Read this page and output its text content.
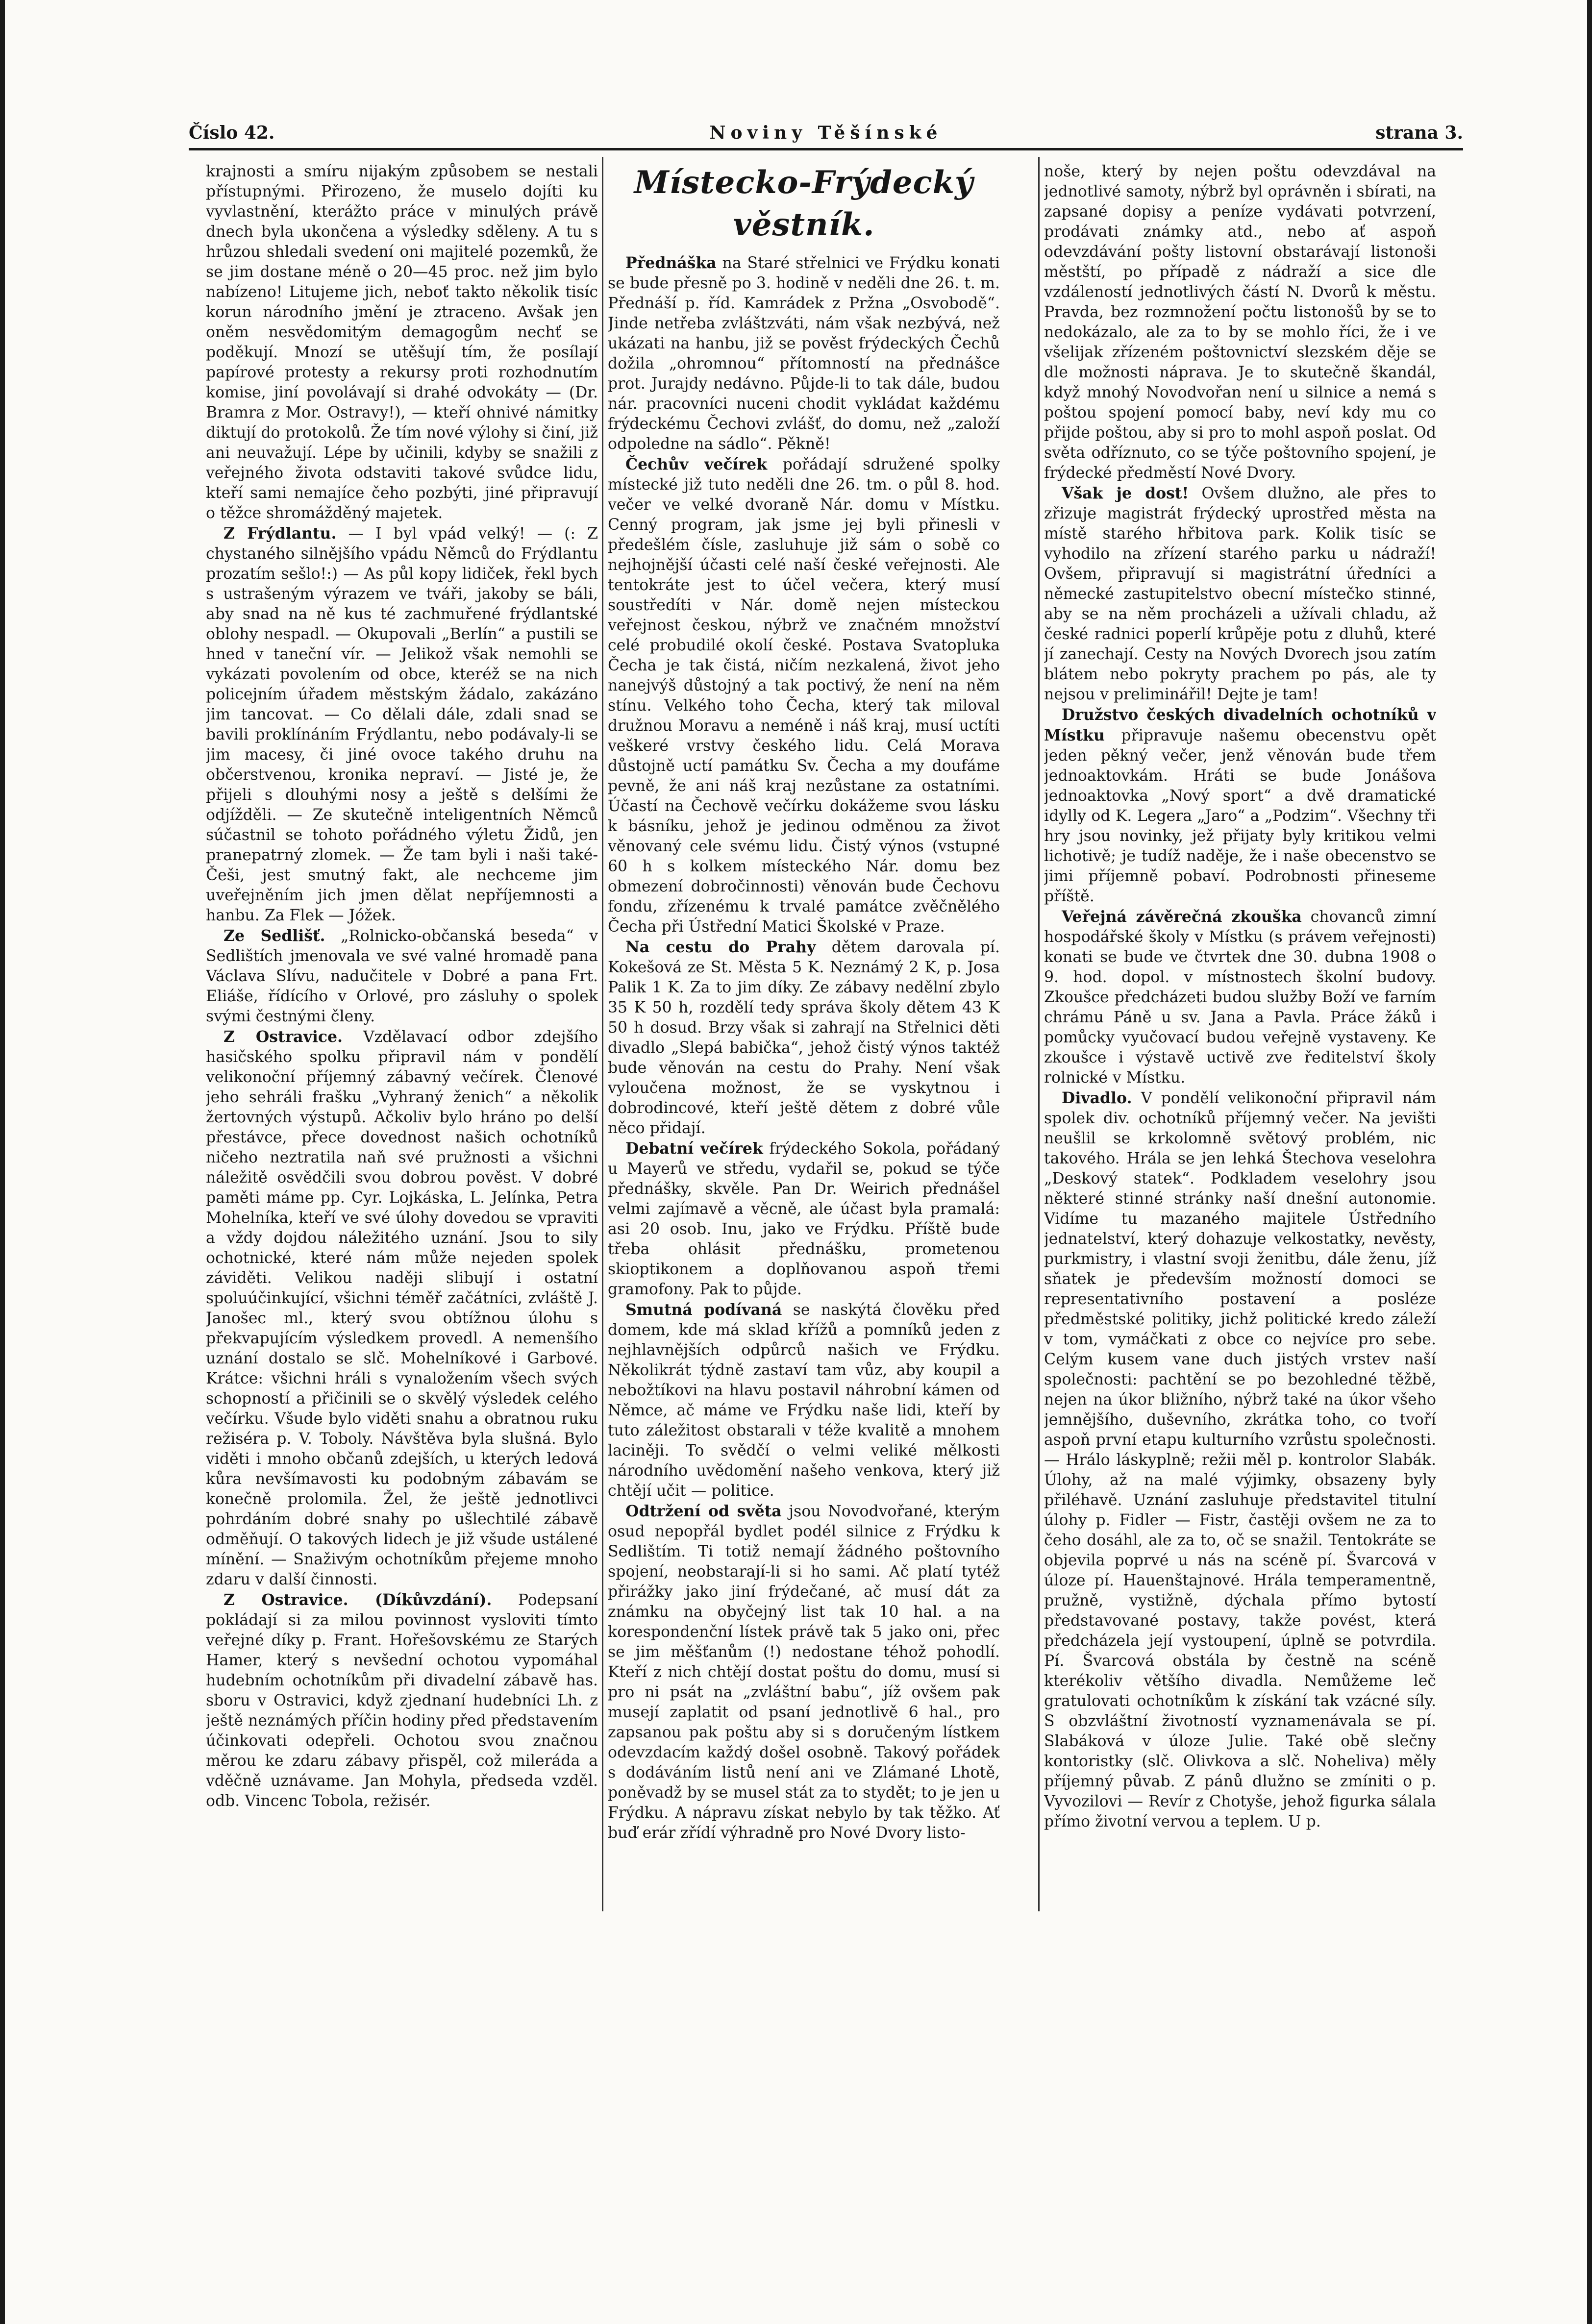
Číslo 42.	Noviny Těšínské	strana 3.

krajnosti a smíru nijakým způsobem se nestali přístupnými. Přirozeno, že muselo dojíti ku vyvlastnění, kterážto práce v minulých právě dnech byla ukončena a výsledky sděleny. A tu s hrůzou shledali svedení oni majitelé pozemků, že se jim dostane méně o 20—45 proc. než jim bylo nabízeno! Litujeme jich, neboť takto několik tisíc korun národního jmění je ztraceno. Avšak jen oněm nesvědomitým demagogům nechť se poděkují. Mnozí se utěšují tím, že posílají papírové protesty a rekursy proti rozhodnutím komise, jiní povolávají si drahé odvokáty — (Dr. Bramra z Mor. Ostravy!), — kteří ohnivé námitky diktují do protokolů. Že tím nové výlohy si činí, již ani neuvažují. Lépe by učinili, kdyby se snažili z veřejného života odstaviti takové svůdce lidu, kteří sami nemajíce čeho pozbýti, jiné připravují o těžce shromážděný majetek.

Z Frýdlantu. — I byl vpád velký! — (: Z chystaného silnějšího vpádu Němců do Frýdlantu prozatím sešlo!:) — As půl kopy lidiček, řekl bych s ustrašeným výrazem ve tváři, jakoby se báli, aby snad na ně kus té zachmuřené frýdlantské oblohy nespadl. — Okupovali „Berlín“ a pustili se hned v taneční vír. — Jelikož však nemohli se vykázati povolením od obce, kteréž se na nich policejním úřadem městským žádalo, zakázáno jim tancovat. — Co dělali dále, zdali snad se bavili proklínáním Frýdlantu, nebo podávaly-li se jim macesy, či jiné ovoce takého druhu na občerstvenou, kronika nepraví. — Jisté je, že přijeli s dlouhými nosy a ještě s delšími že odjížděli. — Ze skutečně inteligentních Němců súčastnil se tohoto pořádného výletu Židů, jen pranepatrný zlomek. — Že tam byli i naši také-Češi, jest smutný fakt, ale nechceme jim uveřejněním jich jmen dělat nepříjemnosti a hanbu. Za Flek — Jóžek.

Ze Sedlišť. „Rolnicko-občanská beseda“ v Sedlištích jmenovala ve své valné hromadě pana Václava Slívu, nadučitele v Dobré a pana Frt. Eliáše, řídícího v Orlové, pro zásluhy o spolek svými čestnými členy.

Z Ostravice. Vzdělavací odbor zdejšího hasičského spolku připravil nám v pondělí velikonoční příjemný zábavný večírek. Členové jeho sehráli frašku „Vyhraný ženich“ a několik žertovných výstupů. Ačkoliv bylo hráno po delší přestávce, přece dovednost našich ochotníků ničeho neztratila naň své pružnosti a všichni náležitě osvědčili svou dobrou pověst. V dobré paměti máme pp. Cyr. Lojkáska, L. Jelínka, Petra Mohelníka, kteří ve své úlohy dovedou se vpraviti a vždy dojdou náležitého uznání. Jsou to sily ochotnické, které nám může nejeden spolek záviděti. Velikou naději slibují i ostatní spoluúčinkující, všichni téměř začátníci, zvláště J. Janošec ml., který svou obtížnou úlohu s překvapujícím výsledkem provedl. A nemenšího uznání dostalo se slč. Mohelníkové i Garbové. Krátce: všichni hráli s vynaložením všech svých schopností a přičinili se o skvělý výsledek celého večírku. Všude bylo viděti snahu a obratnou ruku režiséra p. V. Toboly. Návštěva byla slušná. Bylo viděti i mnoho občanů zdejších, u kterých ledová kůra nevšímavosti ku podobným zábavám se konečně prolomila. Žel, že ještě jednotlivci pohrdáním dobré snahy po ušlechtilé zábavě odměňují. O takových lidech je již všude ustálené mínění. — Snaživým ochotníkům přejeme mnoho zdaru v další činnosti.

Z Ostravice. (Díkůvzdání). Podepsaní pokládají si za milou povinnost vysloviti tímto veřejné díky p. Frant. Hořešovskému ze Starých Hamer, který s nevšední ochotou vypomáhal hudebním ochotníkům při divadelní zábavě has. sboru v Ostravici, když zjednaní hudebníci Lh. z ještě neznámých příčin hodiny před představením účinkovati odepřeli. Ochotou svou značnou měrou ke zdaru zábavy přispěl, což mileráda a vděčně uznávame. Jan Mohyla, předseda vzděl. odb. Vincenc Tobola, režisér.

Místecko-Frýdecký věstník.

Přednáška na Staré střelnici ve Frýdku konati se bude přesně po 3. hodině v neděli dne 26. t. m. Přednáší p. říd. Kamrádek z Pržna „Osvobodě“. Jinde netřeba zvláštzváti, nám však nezbývá, než ukázati na hanbu, již se pověst frýdeckých Čechů dožila „ohromnou“ přítomností na přednášce prot. Jurajdy nedávno. Půjde-li to tak dále, budou nár. pracovníci nuceni chodit vykládat každému frýdeckému Čechovi zvlášť, do domu, než „založí odpoledne na sádlo“. Pěkně!

Čechův večírek pořádají sdružené spolky místecké již tuto neděli dne 26. tm. o půl 8. hod. večer ve velké dvoraně Nár. domu v Místku. Cenný program, jak jsme jej byli přinesli v předešlém čísle, zasluhuje již sám o sobě co nejhojnější účasti celé naší české veřejnosti. Ale tentokráte jest to účel večera, který musí soustředíti v Nár. domě nejen místeckou veřejnost českou, nýbrž ve značném množství celé probudilé okolí české. Postava Svatopluka Čecha je tak čistá, ničím nezkalená, život jeho nanejvýš důstojný a tak poctivý, že není na něm stínu. Velkého toho Čecha, který tak miloval družnou Moravu a neméně i náš kraj, musí uctíti veškeré vrstvy českého lidu. Celá Morava důstojně uctí památku Sv. Čecha a my doufáme pevně, že ani náš kraj nezůstane za ostatními. Účastí na Čechově večírku dokážeme svou lásku k básníku, jehož je jedinou odměnou za život věnovaný cele svému lidu. Čistý výnos (vstupné 60 h s kolkem místeckého Nár. domu bez obmezení dobročinnosti) věnován bude Čechovu fondu, zřízenému k trvalé památce zvěčnělého Čecha při Ústřední Matici Školské v Praze.

Na cestu do Prahy dětem darovala pí. Kokešová ze St. Města 5 K. Neznámý 2 K, p. Josa Palik 1 K. Za to jim díky. Ze zábavy nedělní zbylo 35 K 50 h, rozdělí tedy správa školy dětem 43 K 50 h dosud. Brzy však si zahrají na Střelnici děti divadlo „Slepá babička“, jehož čistý výnos taktéž bude věnován na cestu do Prahy. Není však vyloučena možnost, že se vyskytnou i dobrodincové, kteří ještě dětem z dobré vůle něco přidají.

Debatní večírek frýdeckého Sokola, pořádaný u Mayerů ve středu, vydařil se, pokud se týče přednášky, skvěle. Pan Dr. Weirich přednášel velmi zajímavě a věcně, ale účast byla pramalá: asi 20 osob. Inu, jako ve Frýdku. Příště bude třeba ohlásit přednášku, prometenou skioptikonem a doplňovanou aspoň třemi gramofony. Pak to půjde.

Smutná podívaná se naskýtá člověku před domem, kde má sklad křížů a pomníků jeden z nejhlavnějších odpůrců našich ve Frýdku. Několikrát týdně zastaví tam vůz, aby koupil a nebožtíkovi na hlavu postavil náhrobní kámen od Němce, ač máme ve Frýdku naše lidi, kteří by tuto záležitost obstarali v téže kvalitě a mnohem laciněji. To svědčí o velmi veliké mělkosti národního uvědomění našeho venkova, který již chtějí učit — politice.

Odtržení od světa jsou Novodvořané, kterým osud nepopřál bydlet podél silnice z Frýdku k Sedlištím. Ti totiž nemají žádného poštovního spojení, neobstarají-li si ho sami. Ač platí tytéž přirážky jako jiní frýdečané, ač musí dát za známku na obyčejný list tak 10 hal. a na korespondenční lístek právě tak 5 jako oni, přec se jim měšťanům (!) nedostane téhož pohodlí. Kteří z nich chtějí dostat poštu do domu, musí si pro ni psát na „zvláštní babu“, jíž ovšem pak musejí zaplatit od psaní jednotlivě 6 hal., pro zapsanou pak poštu aby si s doručeným lístkem odevzdacím každý došel osobně. Takový pořádek s dodáváním listů není ani ve Zlámané Lhotě, poněvadž by se musel stát za to stydět; to je jen u Frýdku. A nápravu získat nebylo by tak těžko. Ať buď erár zřídí výhradně pro Nové Dvory listo-

noše, který by nejen poštu odevzdával na jednotlivé samoty, nýbrž byl oprávněn i sbírati, na zapsané dopisy a peníze vydávati potvrzení, prodávati známky atd., nebo ať aspoň odevzdávání pošty listovní obstarávají listonoši městští, po případě z nádraží a sice dle vzdáleností jednotlivých částí N. Dvorů k městu. Pravda, bez rozmnožení počtu listonošů by se to nedokázalo, ale za to by se mohlo říci, že i ve všelijak zřízeném poštovnictví slezském děje se dle možnosti náprava. Je to skutečně škandál, když mnohý Novodvořan není u silnice a nemá s poštou spojení pomocí baby, neví kdy mu co přijde poštou, aby si pro to mohl aspoň poslat. Od světa odříznuto, co se týče poštovního spojení, je frýdecké předměstí Nové Dvory.

Však je dost! Ovšem dlužno, ale přes to zřizuje magistrát frýdecký uprostřed města na místě starého hřbitova park. Kolik tisíc se vyhodilo na zřízení starého parku u nádraží! Ovšem, připravují si magistrátní úředníci a německé zastupitelstvo obecní místečko stinné, aby se na něm procházeli a užívali chladu, až české radnici poperlí krůpěje potu z dluhů, které jí zanechají. Cesty na Nových Dvorech jsou zatím blátem nebo pokryty prachem po pás, ale ty nejsou v preliminářil! Dejte je tam!

Družstvo českých divadelních ochotníků v Místku připravuje našemu obecenstvu opět jeden pěkný večer, jenž věnován bude třem jednoaktovkám. Hráti se bude Jonášova jednoaktovka „Nový sport“ a dvě dramatické idylly od K. Legera „Jaro“ a „Podzim“. Všechny tři hry jsou novinky, jež přijaty byly kritikou velmi lichotivě; je tudíž naděje, že i naše obecenstvo se jimi příjemně pobaví. Podrobnosti přineseme příště.

Veřejná závěrečná zkouška chovanců zimní hospodářské školy v Místku (s právem veřejnosti) konati se bude ve čtvrtek dne 30. dubna 1908 o 9. hod. dopol. v místnostech školní budovy. Zkoušce předcházeti budou služby Boží ve farním chrámu Páně u sv. Jana a Pavla. Práce žáků i pomůcky vyučovací budou veřejně vystaveny. Ke zkoušce i výstavě uctivě zve ředitelství školy rolnické v Místku.

Divadlo. V pondělí velikonoční připravil nám spolek div. ochotníků příjemný večer. Na jevišti neušlil se krkolomně světový problém, nic takového. Hrála se jen lehká Štechova veselohra „Deskový statek“. Podkladem veselohry jsou některé stinné stránky naší dnešní autonomie. Vidíme tu mazaného majitele Ústředního jednatelství, který dohazuje velkostatky, nevěsty, purkmistry, i vlastní svoji ženitbu, dále ženu, jíž sňatek je především možností domoci se representativního postavení a posléze předměstské politiky, jichž politické kredo záleží v tom, vymáčkati z obce co nejvíce pro sebe. Celým kusem vane duch jistých vrstev naší společnosti: pachtění se po bezohledné těžbě, nejen na úkor bližního, nýbrž také na úkor všeho jemnějšího, duševního, zkrátka toho, co tvoří aspoň první etapu kulturního vzrůstu společnosti. — Hrálo láskyplně; režii měl p. kontrolor Slabák. Úlohy, až na malé výjimky, obsazeny byly přiléhavě. Uznání zasluhuje představitel titulní úlohy p. Fidler — Fistr, častěji ovšem ne za to čeho dosáhl, ale za to, oč se snažil. Tentokráte se objevila poprvé u nás na scéně pí. Švarcová v úloze pí. Hauenštajnové. Hrála temperamentně, pružně, vystižně, dýchala přímo bytostí představované postavy, takže povést, která předcházela její vystoupení, úplně se potvrdila. Pí. Švarcová obstála by čestně na scéně kterékoliv většího divadla. Nemůžeme leč gratulovati ochotníkům k získání tak vzácné síly. S obzvláštní životností vyznamenávala se pí. Slabáková v úloze Julie. Také obě slečny kontoristky (slč. Olivkova a slč. Noheliva) měly příjemný půvab. Z pánů dlužno se zmíniti o p. Vyvozilovi — Revír z Chotyše, jehož figurka sálala přímo životní vervou a teplem. U p.
